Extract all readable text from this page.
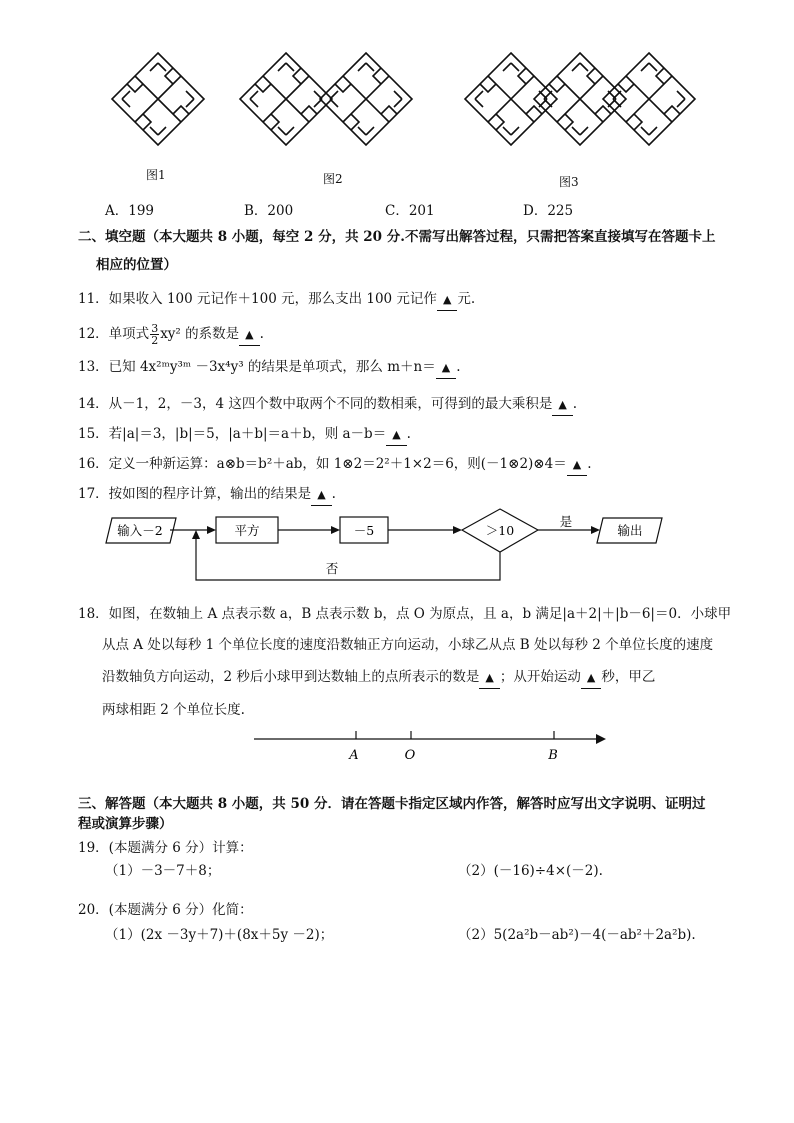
图1	图2	图3
A．199	B．200	C．201	D．225
二、填空题（本大题共 8 小题，每空 2 分，共 20 分.不需写出解答过程，只需把答案直接填写在答题卡上
相应的位置）
11．如果收入 100 元记作＋100 元，那么支出 100 元记作 ▲ 元.
12．单项式 $\frac{3}{2} xy^2$ 的系数是 ▲ .
13．已知 4x²ᵐy³ᵐ －3x⁴y³ 的结果是单项式，那么 m＋n＝ ▲ .
14．从－1，2，－3，4 这四个数中取两个不同的数相乘，可得到的最大乘积是 ▲ .
15．若|a|＝3，|b|＝5，|a＋b|＝a＋b，则 a－b＝ ▲ .
16．定义一种新运算：a⊗b＝b²＋ab，如 1⊗2＝2²＋1×2＝6，则(－1⊗2)⊗4＝ ▲ .
17．按如图的程序计算，输出的结果是 ▲ .
输入－2	平方	－5	＞10
是
输出
否
18．如图，在数轴上 A 点表示数 a，B 点表示数 b，点 O 为原点，且 a，b 满足|a＋2|＋|b－6|＝0．小球甲
从点 A 处以每秒 1 个单位长度的速度沿数轴正方向运动，小球乙从点 B 处以每秒 2 个单位长度的速度
沿数轴负方向运动，2 秒后小球甲到达数轴上的点所表示的数是 ▲ ；从开始运动 ▲ 秒，甲乙
两球相距 2 个单位长度.
A	O	B
三、解答题（本大题共 8 小题，共 50 分．请在答题卡指定区域内作答，解答时应写出文字说明、证明过
程或演算步骤）
19．(本题满分 6 分）计算：
（1）－3－7＋8；	（2）(－16)÷4×(－2).
20．(本题满分 6 分）化简：
（1）(2x －3y＋7)＋(8x＋5y －2)；	（2）5(2a²b－ab²)－4(－ab²＋2a²b).
